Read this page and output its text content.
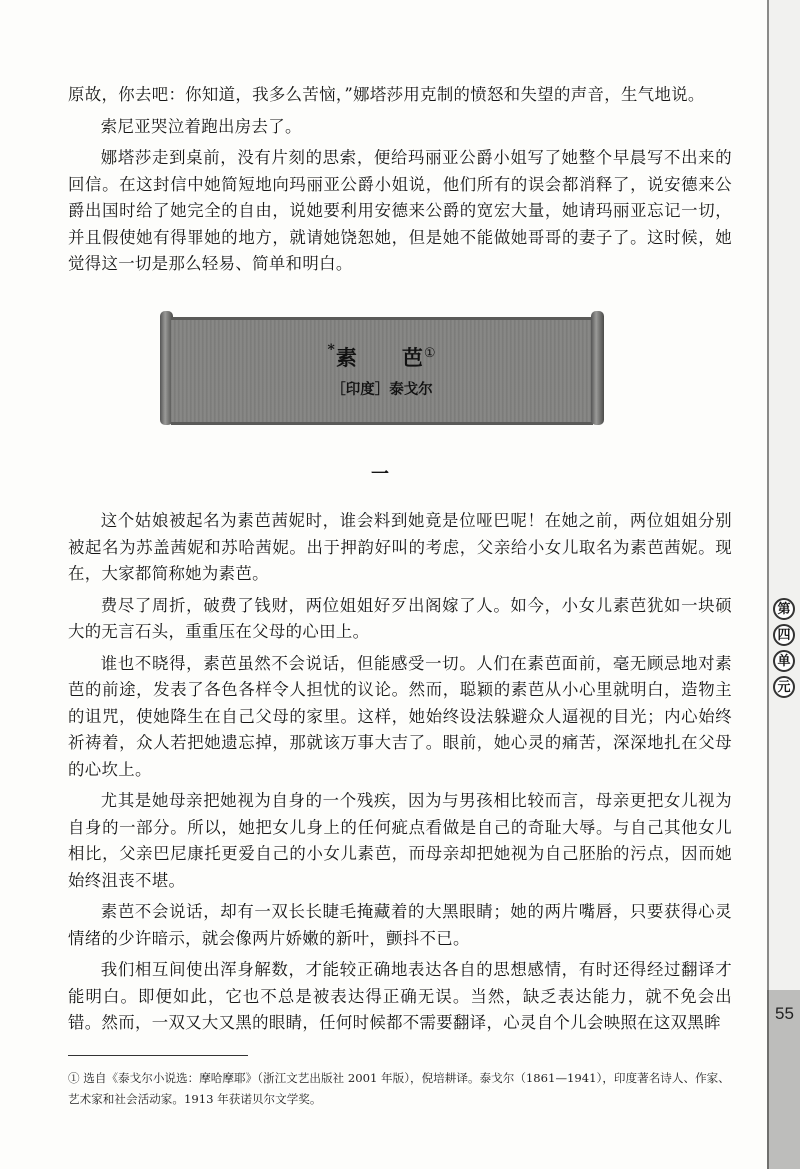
第
四
单
元
55

原故，你去吧：你知道，我多么苦恼，”娜塔莎用克制的愤怒和失望的声音，生气地说。

索尼亚哭泣着跑出房去了。

娜塔莎走到桌前，没有片刻的思索，便给玛丽亚公爵小姐写了她整个早晨写不出来的回信。在这封信中她简短地向玛丽亚公爵小姐说，他们所有的误会都消释了，说安德来公爵出国时给了她完全的自由，说她要利用安德来公爵的宽宏大量，她请玛丽亚忘记一切，并且假使她有得罪她的地方，就请她饶恕她，但是她不能做她哥哥的妻子了。这时候，她觉得这一切是那么轻易、简单和明白。

*素　　芭①
［印度］泰戈尔
一

这个姑娘被起名为素芭茜妮时，谁会料到她竟是位哑巴呢！在她之前，两位姐姐分别被起名为苏盖茜妮和苏哈茜妮。出于押韵好叫的考虑，父亲给小女儿取名为素芭茜妮。现在，大家都简称她为素芭。

费尽了周折，破费了钱财，两位姐姐好歹出阁嫁了人。如今，小女儿素芭犹如一块硕大的无言石头，重重压在父母的心田上。

谁也不晓得，素芭虽然不会说话，但能感受一切。人们在素芭面前，毫无顾忌地对素芭的前途，发表了各色各样令人担忧的议论。然而，聪颖的素芭从小心里就明白，造物主的诅咒，使她降生在自己父母的家里。这样，她始终设法躲避众人逼视的目光；内心始终祈祷着，众人若把她遗忘掉，那就该万事大吉了。眼前，她心灵的痛苦，深深地扎在父母的心坎上。

尤其是她母亲把她视为自身的一个残疾，因为与男孩相比较而言，母亲更把女儿视为自身的一部分。所以，她把女儿身上的任何疵点看做是自己的奇耻大辱。与自己其他女儿相比，父亲巴尼康托更爱自己的小女儿素芭，而母亲却把她视为自己胚胎的污点，因而她始终沮丧不堪。

素芭不会说话，却有一双长长睫毛掩藏着的大黑眼睛；她的两片嘴唇，只要获得心灵情绪的少许暗示，就会像两片娇嫩的新叶，颤抖不已。

我们相互间使出浑身解数，才能较正确地表达各自的思想感情，有时还得经过翻译才能明白。即便如此，它也不总是被表达得正确无误。当然，缺乏表达能力，就不免会出错。然而，一双又大又黑的眼睛，任何时候都不需要翻译，心灵自个儿会映照在这双黑眸

① 选自《泰戈尔小说选：摩哈摩耶》（浙江文艺出版社 2001 年版），倪培耕译。泰戈尔（1861—1941），印度著名诗人、作家、艺术家和社会活动家。1913 年获诺贝尔文学奖。
